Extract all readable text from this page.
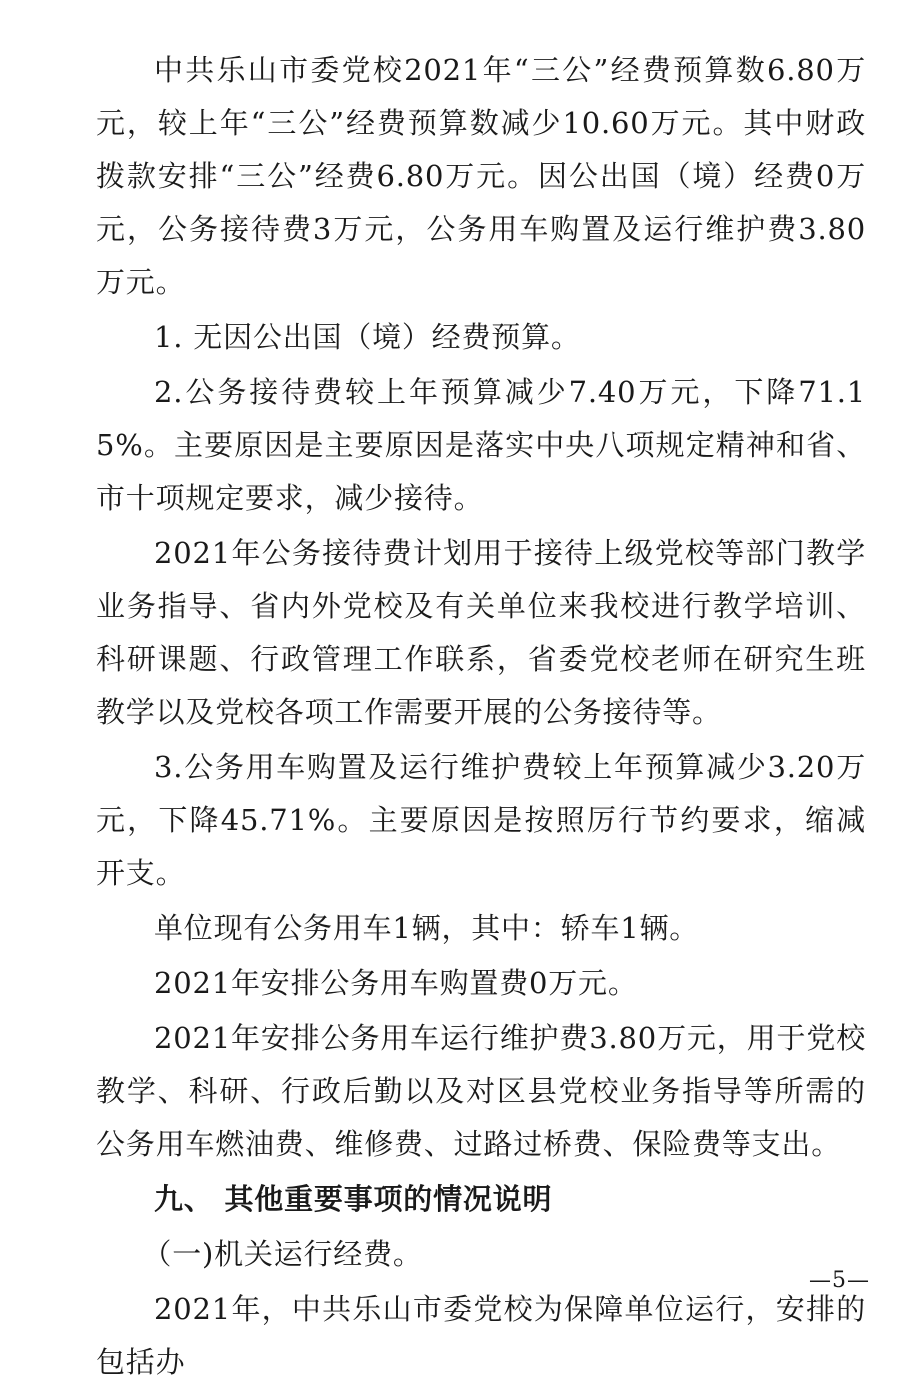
中共乐山市委党校2021年“三公”经费预算数6.80万元，较上年“三公”经费预算数减少10.60万元。其中财政拨款安排“三公”经费6.80万元。因公出国（境）经费0万元，公务接待费3万元，公务用车购置及运行维护费3.80万元。

1. 无因公出国（境）经费预算。

2.公务接待费较上年预算减少7.40万元，下降71.15%。主要原因是主要原因是落实中央八项规定精神和省、市十项规定要求，减少接待。

2021年公务接待费计划用于接待上级党校等部门教学业务指导、省内外党校及有关单位来我校进行教学培训、科研课题、行政管理工作联系，省委党校老师在研究生班教学以及党校各项工作需要开展的公务接待等。

3.公务用车购置及运行维护费较上年预算减少3.20万元，下降45.71%。主要原因是按照厉行节约要求，缩减开支。

单位现有公务用车1辆，其中：轿车1辆。

2021年安排公务用车购置费0万元。

2021年安排公务用车运行维护费3.80万元，用于党校教学、科研、行政后勤以及对区县党校业务指导等所需的公务用车燃油费、维修费、过路过桥费、保险费等支出。

九、 其他重要事项的情况说明

（一)机关运行经费。

2021年，中共乐山市委党校为保障单位运行，安排的包括办

—5—
